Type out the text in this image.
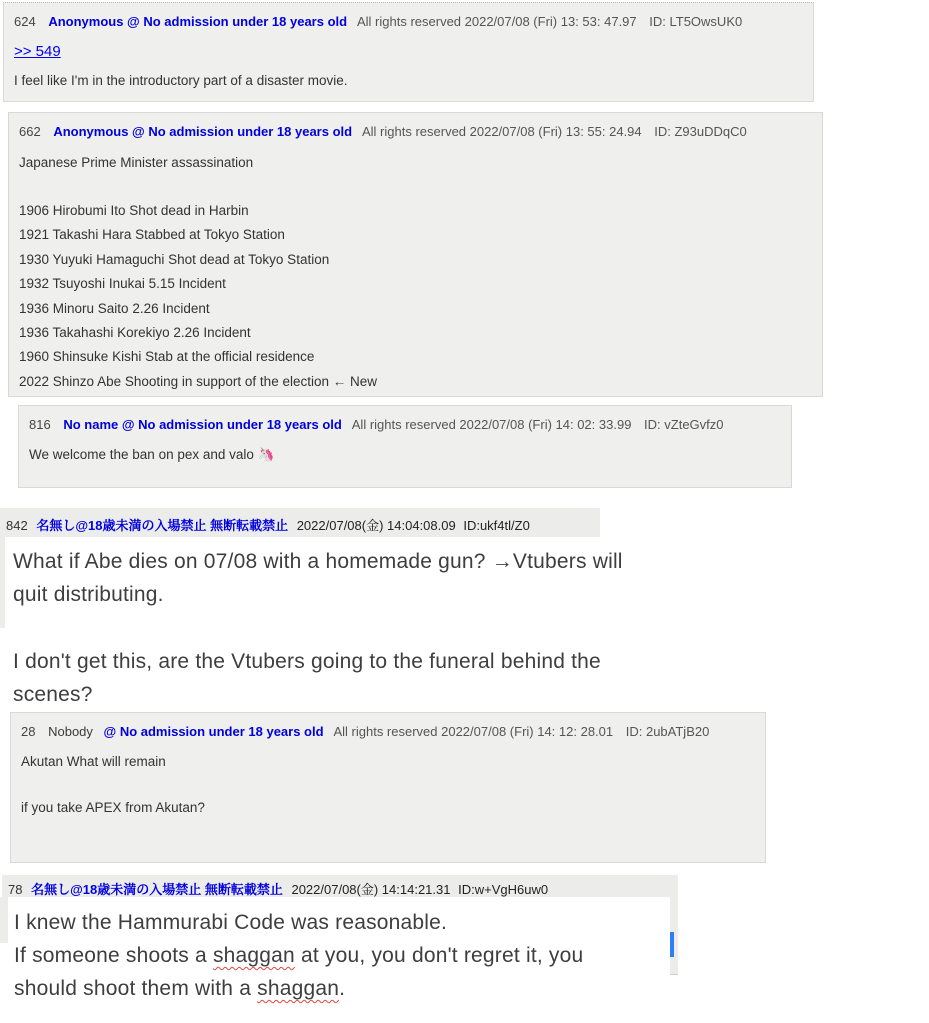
624 Anonymous @ No admission under 18 years old All rights reserved 2022/07/08 (Fri) 13: 53: 47.97 ID: LT5OwsUK0
>> 549
I feel like I'm in the introductory part of a disaster movie.
662 Anonymous @ No admission under 18 years old All rights reserved 2022/07/08 (Fri) 13: 55: 24.94 ID: Z93uDDqC0
Japanese Prime Minister assassination
1906 Hirobumi Ito Shot dead in Harbin
1921 Takashi Hara Stabbed at Tokyo Station
1930 Yuyuki Hamaguchi Shot dead at Tokyo Station
1932 Tsuyoshi Inukai 5.15 Incident
1936 Minoru Saito 2.26 Incident
1936 Takahashi Korekiyo 2.26 Incident
1960 Shinsuke Kishi Stab at the official residence
2022 Shinzo Abe Shooting in support of the election ← New
816 No name @ No admission under 18 years old All rights reserved 2022/07/08 (Fri) 14: 02: 33.99 ID: vZteGvfz0
We welcome the ban on pex and valo 🦄
842 名無し@18歳未満の入場禁止 無断転載禁止 2022/07/08(金) 14:04:08.09 ID:ukf4tl/Z0

What if Abe dies on 07/08 with a homemade gun? →Vtubers will quit distributing.

I don't get this, are the Vtubers going to the funeral behind the scenes?

28 Nobody @ No admission under 18 years old All rights reserved 2022/07/08 (Fri) 14: 12: 28.01 ID: 2ubATjB20
Akutan What will remain
if you take APEX from Akutan?
78 名無し@18歳未満の入場禁止 無断転載禁止 2022/07/08(金) 14:14:21.31 ID:w+VgH6uw0

I knew the Hammurabi Code was reasonable.

If someone shoots a shaggan at you, you don't regret it, you

should shoot them with a shaggan.
